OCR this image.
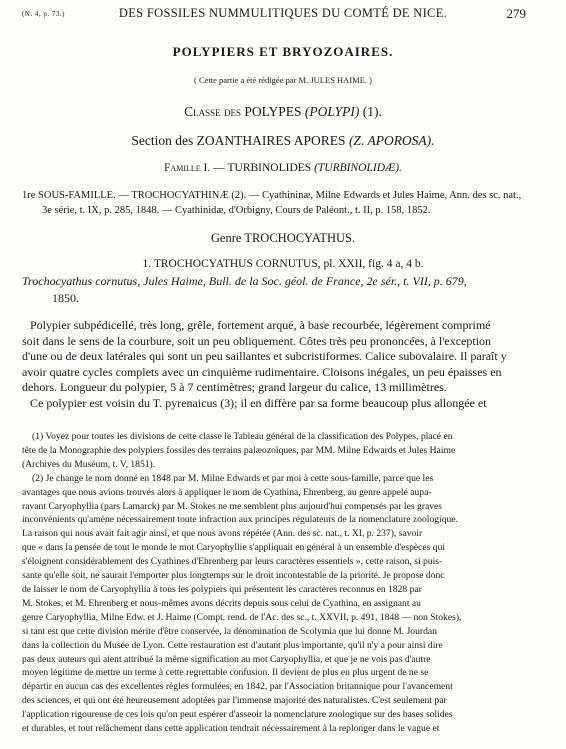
(N. 4, p. 73.)	DES FOSSILES NUMMULITIQUES DU COMTÉ DE NICE.	279
POLYPIERS ET BRYOZOAIRES.
( Cette partie a été rédigée par M. JULES HAIME. )
Classe des POLYPES (POLYPI) (1).
Section des ZOANTHAIRES APORES (Z. APOROSA).
Famille I. — TURBINOLIDES (TURBINOLIDÆ).
1re SOUS-FAMILLE. — TROCHOCYATHINÆ (2). — Cyathininæ, Milne Edwards et Jules Haime, Ann. des sc. nat.,
3e série, t. IX, p. 285, 1848. — Cyathinidæ, d'Orbigny, Cours de Paléont., t. II, p. 158, 1852.
Genre TROCHOCYATHUS.
1. TROCHOCYATHUS CORNUTUS, pl. XXII, fig. 4 a, 4 b.
Trochocyathus cornutus, Jules Haime, Bull. de la Soc. géol. de France, 2e sér., t. VII, p. 679,
1850.
Polypier subpédicellé, très long, grêle, fortement arqué, à base recourbée, légèrement comprimé
soit dans le sens de la courbure, soit un peu obliquement. Côtes très peu prononcées, à l'exception
d'une ou de deux latérales qui sont un peu saillantes et subcristiformes. Calice subovalaire. Il paraît y
avoir quatre cycles complets avec un cinquième rudimentaire. Cloisons inégales, un peu épaisses en
dehors. Longueur du polypier, 5 à 7 centimètres; grand largeur du calice, 13 millimètres.
Ce polypier est voisin du T. pyrenaicus (3); il en diffère par sa forme beaucoup plus allongée et
(1) Voyez pour toutes les divisions de cette classe le Tableau général de la classification des Polypes, placé en
tête de la Monographie des polypiers fossiles des terrains palæozoïques, par MM. Milne Edwards et Jules Haime
(Archives du Muséum, t. V, 1851).
(2) Je change le nom donné en 1848 par M. Milne Edwards et par moi à cette sous-famille, parce que les
avantages que nous avions trouvés alors à appliquer le nom de Cyathina, Ehrenberg, au genre appelé aupa-
ravant Caryophyllia (pars Lamarck) par M. Stokes ne me semblent plus aujourd'hui compensés par les graves
inconvénients qu'amène nécessairement toute infraction aux principes régulateurs de la nomenclature zoologique.
La raison qui nous avait fait agir ainsi, et que nous avons répétée (Ann. des sc. nat., t. XI, p. 237), savoir
que « dans la pensée de tout le monde le mot Caryophyllie s'appliquait en général à un ensemble d'espèces qui
s'éloignent considérablement des Cyathines d'Ehrenberg par leurs caractères essentiels », cette raison, si puis-
sante qu'elle soit, ne saurait l'emporter plus longtemps sur le droit incontestable de la priorité. Je propose donc
de laisser le nom de Caryophyllia à tous les polypiers qui présentent les caractères reconnus en 1828 par
M. Stokes, et M. Ehrenberg et nous-mêmes avons décrits depuis sous celui de Cyathina, en assignant au
genre Caryophyllia, Milne Edw. et J. Haime (Compt. rend. de l'Ac. des sc., t. XXVII, p. 491, 1848 — non Stokes),
si tant est que cette division mérite d'être conservée, la dénomination de Scolymia que lui donne M. Jourdan
dans la collection du Musée de Lyon. Cette restauration est d'autant plus importante, qu'il n'y a pour ainsi dire
pas deux auteurs qui aient attribué la même signification au mot Caryophyllia, et que je ne vois pas d'autre
moyen légitime de mettre un terme à cette regrettable confusion. Il devient de plus en plus urgent de ne se
départir en aucun cas des excellentes règles formulées, en 1842, par l'Association britannique pour l'avancement
des sciences, et qui ont été heureusement adoptées par l'immense majorité des naturalistes. C'est seulement par
l'application rigoureuse de ces lois qu'on peut espérer d'asseoir la nomenclature zoologique sur des bases solides
et durables, et tout relâchement dans cette application tendrait nécessairement à la replonger dans le vague et
